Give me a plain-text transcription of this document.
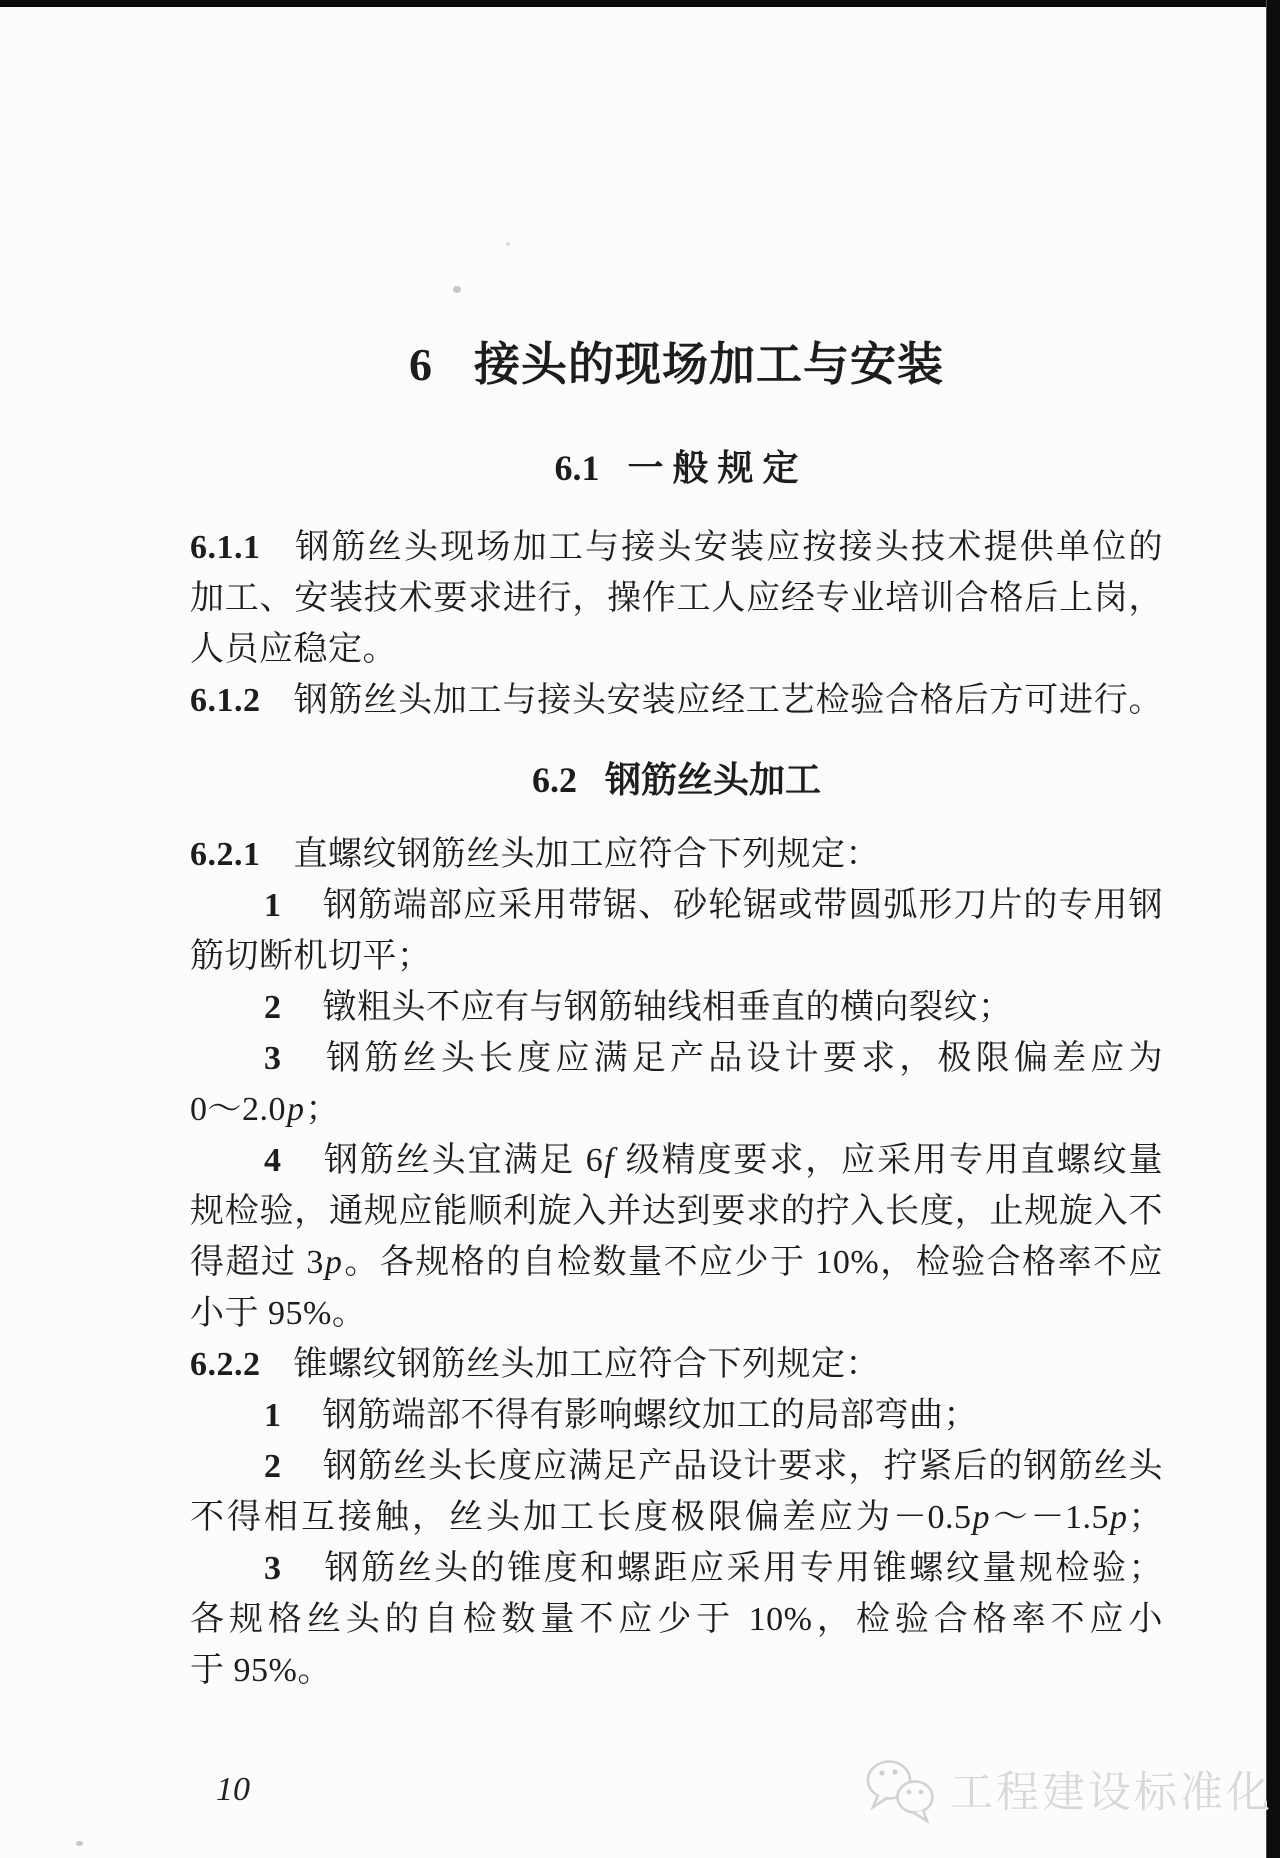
6 接头的现场加工与安装
6.1 一 般 规 定
6.1.1 钢筋丝头现场加工与接头安装应按接头技术提供单位的
加工、安装技术要求进行，操作工人应经专业培训合格后上岗，
人员应稳定。
6.1.2 钢筋丝头加工与接头安装应经工艺检验合格后方可进行。
6.2 钢筋丝头加工
6.2.1 直螺纹钢筋丝头加工应符合下列规定：
1 钢筋端部应采用带锯、砂轮锯或带圆弧形刀片的专用钢
筋切断机切平；
2 镦粗头不应有与钢筋轴线相垂直的横向裂纹；
3 钢筋丝头长度应满足产品设计要求，极限偏差应为
0～2.0p；
4 钢筋丝头宜满足 6f 级精度要求，应采用专用直螺纹量
规检验，通规应能顺利旋入并达到要求的拧入长度，止规旋入不
得超过 3p。各规格的自检数量不应少于 10%，检验合格率不应
小于 95%。
6.2.2 锥螺纹钢筋丝头加工应符合下列规定：
1 钢筋端部不得有影响螺纹加工的局部弯曲；
2 钢筋丝头长度应满足产品设计要求，拧紧后的钢筋丝头
不得相互接触，丝头加工长度极限偏差应为－0.5p～－1.5p；
3 钢筋丝头的锥度和螺距应采用专用锥螺纹量规检验；
各规格丝头的自检数量不应少于 10%，检验合格率不应小
于 95%。
10	工程建设标准化
